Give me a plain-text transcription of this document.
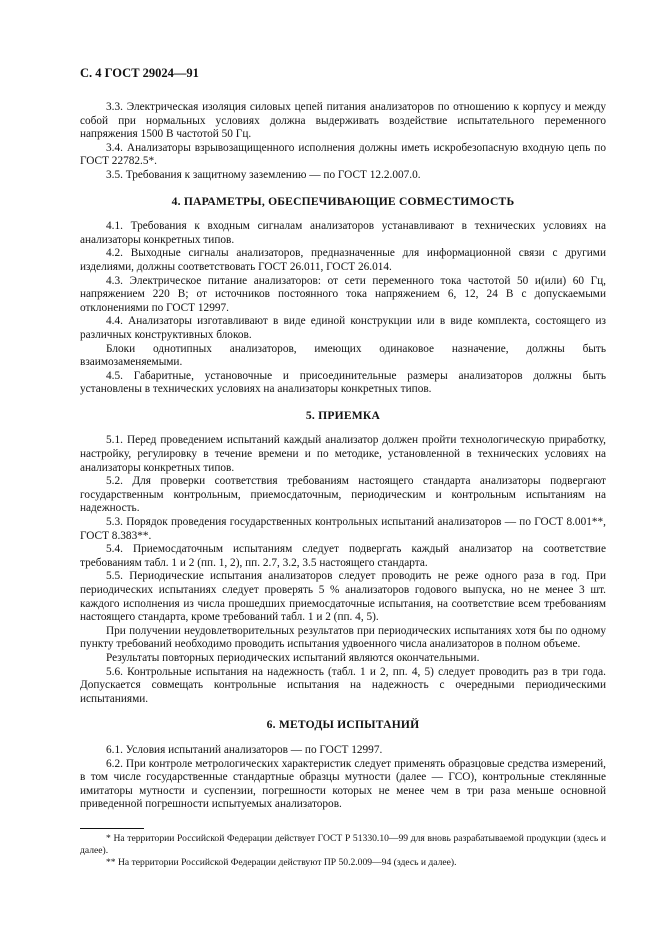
С. 4 ГОСТ 29024—91

3.3. Электрическая изоляция силовых цепей питания анализаторов по отношению к корпусу и между собой при нормальных условиях должна выдерживать воздействие испытательного переменного напряжения 1500 В частотой 50 Гц.

3.4. Анализаторы взрывозащищенного исполнения должны иметь искробезопасную входную цепь по ГОСТ 22782.5*.

3.5. Требования к защитному заземлению — по ГОСТ 12.2.007.0.

4. ПАРАМЕТРЫ, ОБЕСПЕЧИВАЮЩИЕ СОВМЕСТИМОСТЬ

4.1. Требования к входным сигналам анализаторов устанавливают в технических условиях на анализаторы конкретных типов.

4.2. Выходные сигналы анализаторов, предназначенные для информационной связи с другими изделиями, должны соответствовать ГОСТ 26.011, ГОСТ 26.014.

4.3. Электрическое питание анализаторов: от сети переменного тока частотой 50 и(или) 60 Гц, напряжением 220 В; от источников постоянного тока напряжением 6, 12, 24 В с допускаемыми отклонениями по ГОСТ 12997.

4.4. Анализаторы изготавливают в виде единой конструкции или в виде комплекта, состоящего из различных конструктивных блоков.

Блоки однотипных анализаторов, имеющих одинаковое назначение, должны быть взаимозаменяемыми.

4.5. Габаритные, установочные и присоединительные размеры анализаторов должны быть установлены в технических условиях на анализаторы конкретных типов.

5. ПРИЕМКА

5.1. Перед проведением испытаний каждый анализатор должен пройти технологическую приработку, настройку, регулировку в течение времени и по методике, установленной в технических условиях на анализаторы конкретных типов.

5.2. Для проверки соответствия требованиям настоящего стандарта анализаторы подвергают государственным контрольным, приемосдаточным, периодическим и контрольным испытаниям на надежность.

5.3. Порядок проведения государственных контрольных испытаний анализаторов — по ГОСТ 8.001**, ГОСТ 8.383**.

5.4. Приемосдаточным испытаниям следует подвергать каждый анализатор на соответствие требованиям табл. 1 и 2 (пп. 1, 2), пп. 2.7, 3.2, 3.5 настоящего стандарта.

5.5. Периодические испытания анализаторов следует проводить не реже одного раза в год. При периодических испытаниях следует проверять 5 % анализаторов годового выпуска, но не менее 3 шт. каждого исполнения из числа прошедших приемосдаточные испытания, на соответствие всем требованиям настоящего стандарта, кроме требований табл. 1 и 2 (пп. 4, 5).

При получении неудовлетворительных результатов при периодических испытаниях хотя бы по одному пункту требований необходимо проводить испытания удвоенного числа анализаторов в полном объеме.

Результаты повторных периодических испытаний являются окончательными.

5.6. Контрольные испытания на надежность (табл. 1 и 2, пп. 4, 5) следует проводить раз в три года. Допускается совмещать контрольные испытания на надежность с очередными периодическими испытаниями.

6. МЕТОДЫ ИСПЫТАНИЙ

6.1. Условия испытаний анализаторов — по ГОСТ 12997.

6.2. При контроле метрологических характеристик следует применять образцовые средства измерений, в том числе государственные стандартные образцы мутности (далее — ГСО), контрольные стеклянные имитаторы мутности и суспензии, погрешности которых не менее чем в три раза меньше основной приведенной погрешности испытуемых анализаторов.

* На территории Российской Федерации действует ГОСТ Р 51330.10—99 для вновь разрабатываемой продукции (здесь и далее).

** На территории Российской Федерации действуют ПР 50.2.009—94 (здесь и далее).
